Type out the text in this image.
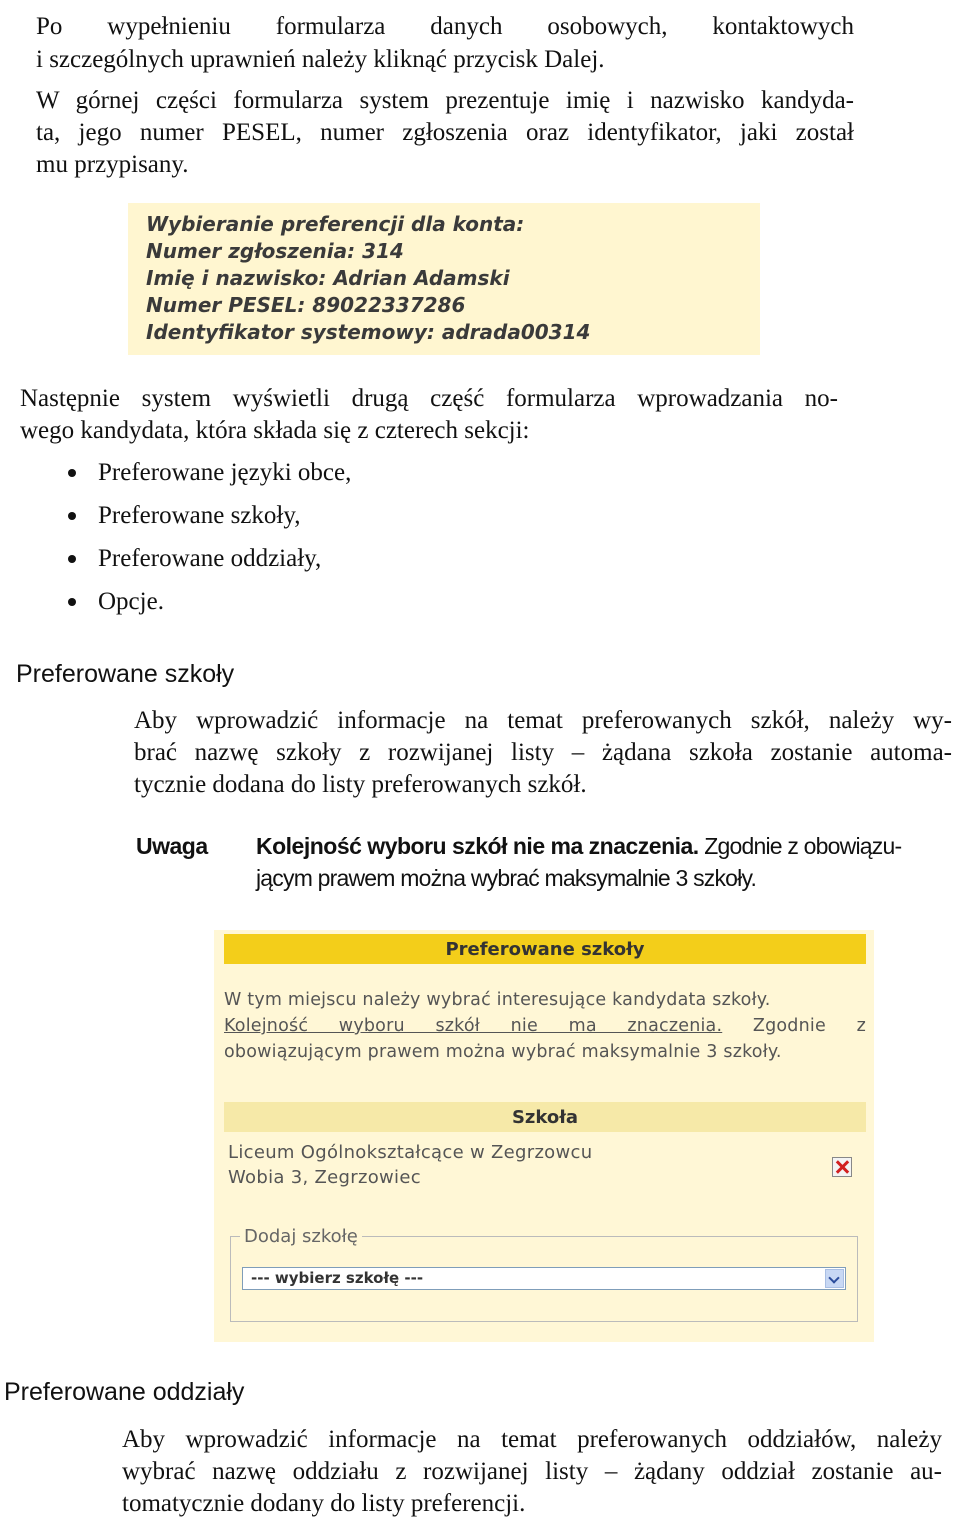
Po wypełnieniu formularza danych osobowych, kontaktowych
i szczególnych uprawnień należy kliknąć przycisk Dalej.
W górnej części formularza system prezentuje imię i nazwisko kandyda-
ta, jego numer PESEL, numer zgłoszenia oraz identyfikator, jaki został
mu przypisany.
Wybieranie preferencji dla konta:
Numer zgłoszenia: 314
Imię i nazwisko: Adrian Adamski
Numer PESEL: 89022337286
Identyfikator systemowy: adrada00314
Następnie system wyświetli drugą część formularza wprowadzania no-
wego kandydata, która składa się z czterech sekcji:
Preferowane języki obce,
Preferowane szkoły,
Preferowane oddziały,
Opcje.
Preferowane szkoły
Aby wprowadzić informacje na temat preferowanych szkół, należy wy-
brać nazwę szkoły z rozwijanej listy – żądana szkoła zostanie automa-
tycznie dodana do listy preferowanych szkół.
Uwaga Kolejność wyboru szkół nie ma znaczenia. Zgodnie z obowiązu-
jącym prawem można wybrać maksymalnie 3 szkoły.
Preferowane szkoły
W tym miejscu należy wybrać interesujące kandydata szkoły.
Kolejność wyboru szkół nie ma znaczenia. Zgodnie z
obowiązującym prawem można wybrać maksymalnie 3 szkoły.
Szkoła
Liceum Ogólnokształcące w Zegrzowcu
Wobia 3, Zegrzowiec
Dodaj szkołę
--- wybierz szkołę ---
Preferowane oddziały
Aby wprowadzić informacje na temat preferowanych oddziałów, należy
wybrać nazwę oddziału z rozwijanej listy – żądany oddział zostanie au-
tomatycznie dodany do listy preferencji.
